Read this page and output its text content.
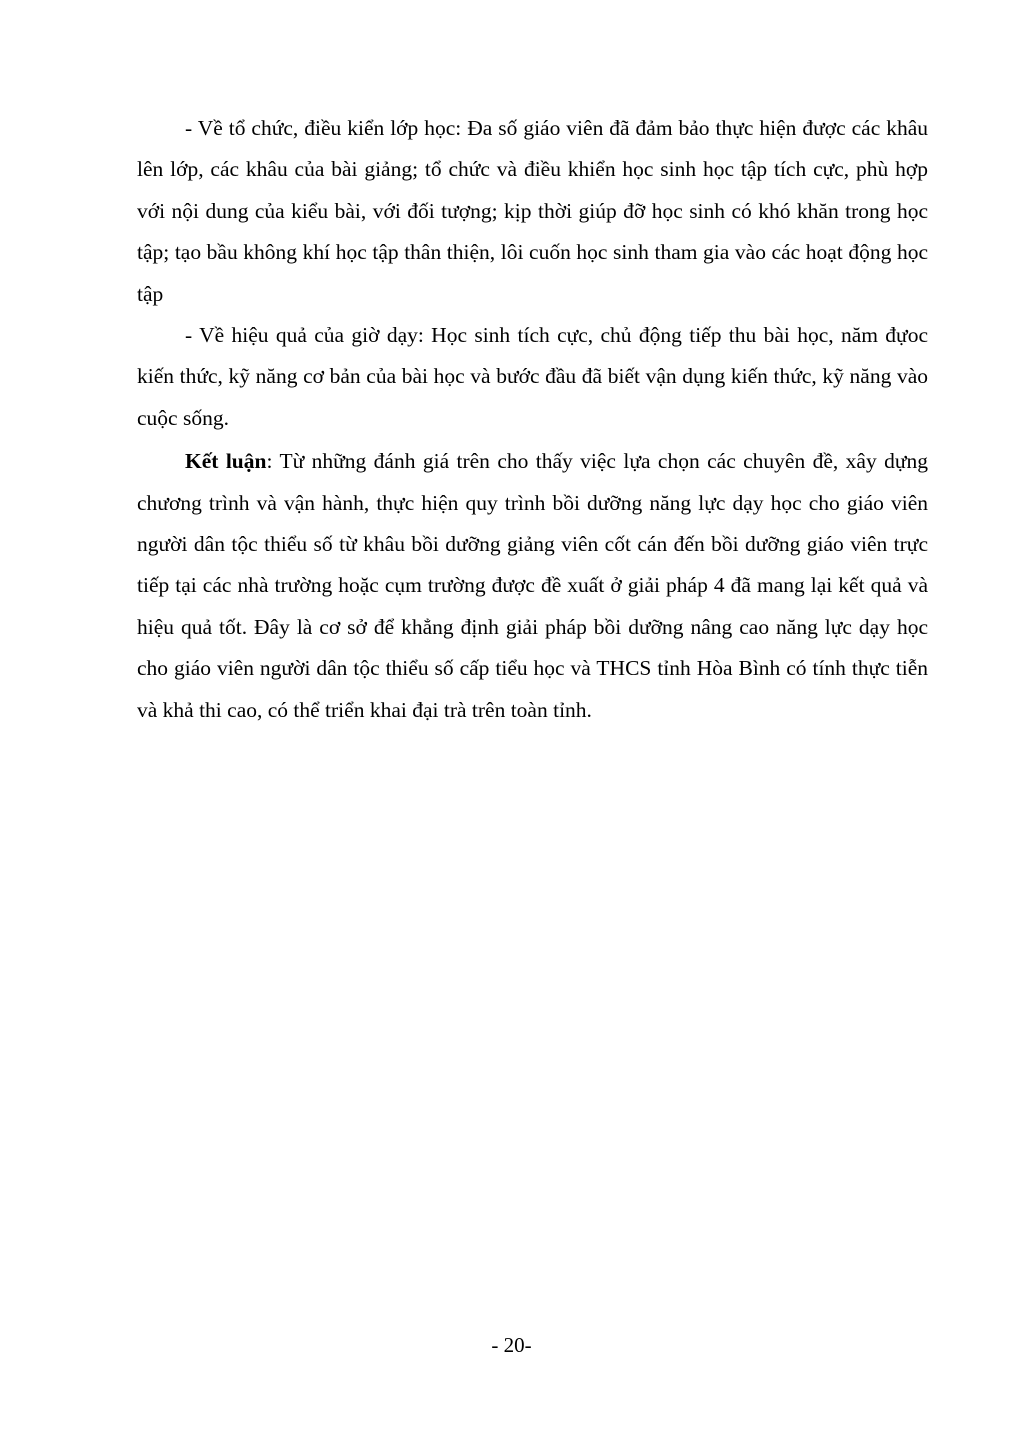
- Về tổ chức, điều kiển lớp học: Đa số giáo viên đã đảm bảo thực hiện được các khâu lên lớp, các khâu của bài giảng; tổ chức và điều khiển học sinh học tập tích cực, phù hợp với nội dung của kiểu bài, với đối tượng; kịp thời giúp đỡ học sinh có khó khăn trong học tập; tạo bầu không khí học tập thân thiện, lôi cuốn học sinh tham gia vào các hoạt động học tập

- Về hiệu quả của giờ dạy: Học sinh tích cực, chủ động tiếp thu bài học, năm đựoc kiến thức, kỹ năng cơ bản của bài học và bước đầu đã biết vận dụng kiến thức, kỹ năng vào cuộc sống.

Kết luận: Từ những đánh giá trên cho thấy việc lựa chọn các chuyên đề, xây dựng chương trình và vận hành, thực hiện quy trình bồi dưỡng năng lực dạy học cho giáo viên người dân tộc thiểu số từ khâu bồi dưỡng giảng viên cốt cán đến bồi dưỡng giáo viên trực tiếp tại các nhà trường hoặc cụm trường được đề xuất ở giải pháp 4 đã mang lại kết quả và hiệu quả tốt. Đây là cơ sở để khẳng định giải pháp bồi dưỡng nâng cao năng lực dạy học cho giáo viên người dân tộc thiểu số cấp tiểu học và THCS tỉnh Hòa Bình có tính thực tiễn và khả thi cao, có thể triển khai đại trà trên toàn tỉnh.

- 20-
